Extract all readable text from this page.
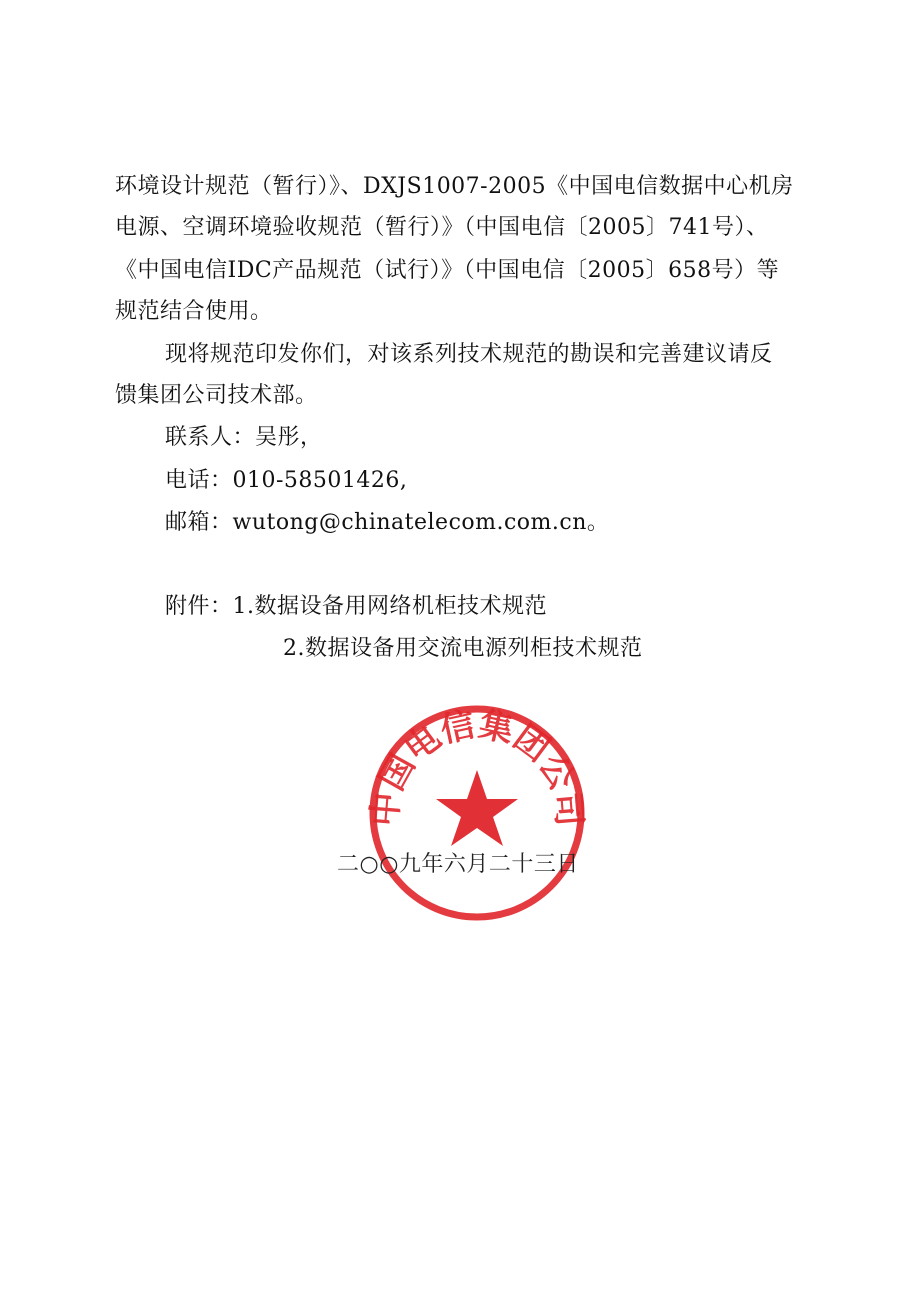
环境设计规范（暂行）》、DXJS1007-2005《中国电信数据中心机房
电源、空调环境验收规范（暂行）》（中国电信〔2005〕741号）、
《中国电信IDC产品规范（试行）》（中国电信〔2005〕658号）等
规范结合使用。
现将规范印发你们，对该系列技术规范的勘误和完善建议请反
馈集团公司技术部。
联系人：吴彤，
电话：010-58501426,
邮箱：wutong@chinatelecom.com.cn。
附件：1.数据设备用网络机柜技术规范
2.数据设备用交流电源列柜技术规范
中国电信集团公司
二○○九年六月二十三日
